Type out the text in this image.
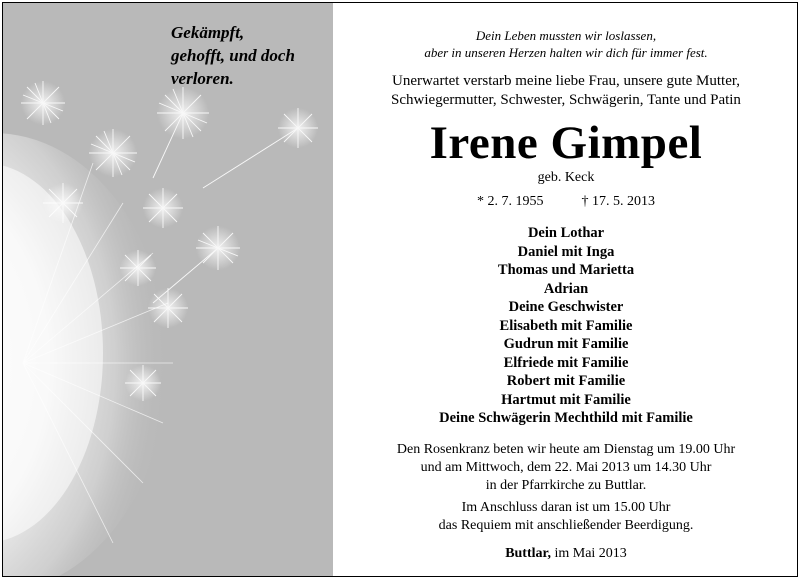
Gekämpft,
gehofft, und doch
verloren.
Dein Leben mussten wir loslassen,
aber in unseren Herzen halten wir dich für immer fest.
Unerwartet verstarb meine liebe Frau, unsere gute Mutter,
Schwiegermutter, Schwester, Schwägerin, Tante und Patin
Irene Gimpel
geb. Keck
* 2. 7. 1955	† 17. 5. 2013
Dein Lothar
Daniel mit Inga
Thomas und Marietta
Adrian
Deine Geschwister
Elisabeth mit Familie
Gudrun mit Familie
Elfriede mit Familie
Robert mit Familie
Hartmut mit Familie
Deine Schwägerin Mechthild mit Familie
Den Rosenkranz beten wir heute am Dienstag um 19.00 Uhr
und am Mittwoch, dem 22. Mai 2013 um 14.30 Uhr
in der Pfarrkirche zu Buttlar.
Im Anschluss daran ist um 15.00 Uhr
das Requiem mit anschließender Beerdigung.
Buttlar, im Mai 2013
